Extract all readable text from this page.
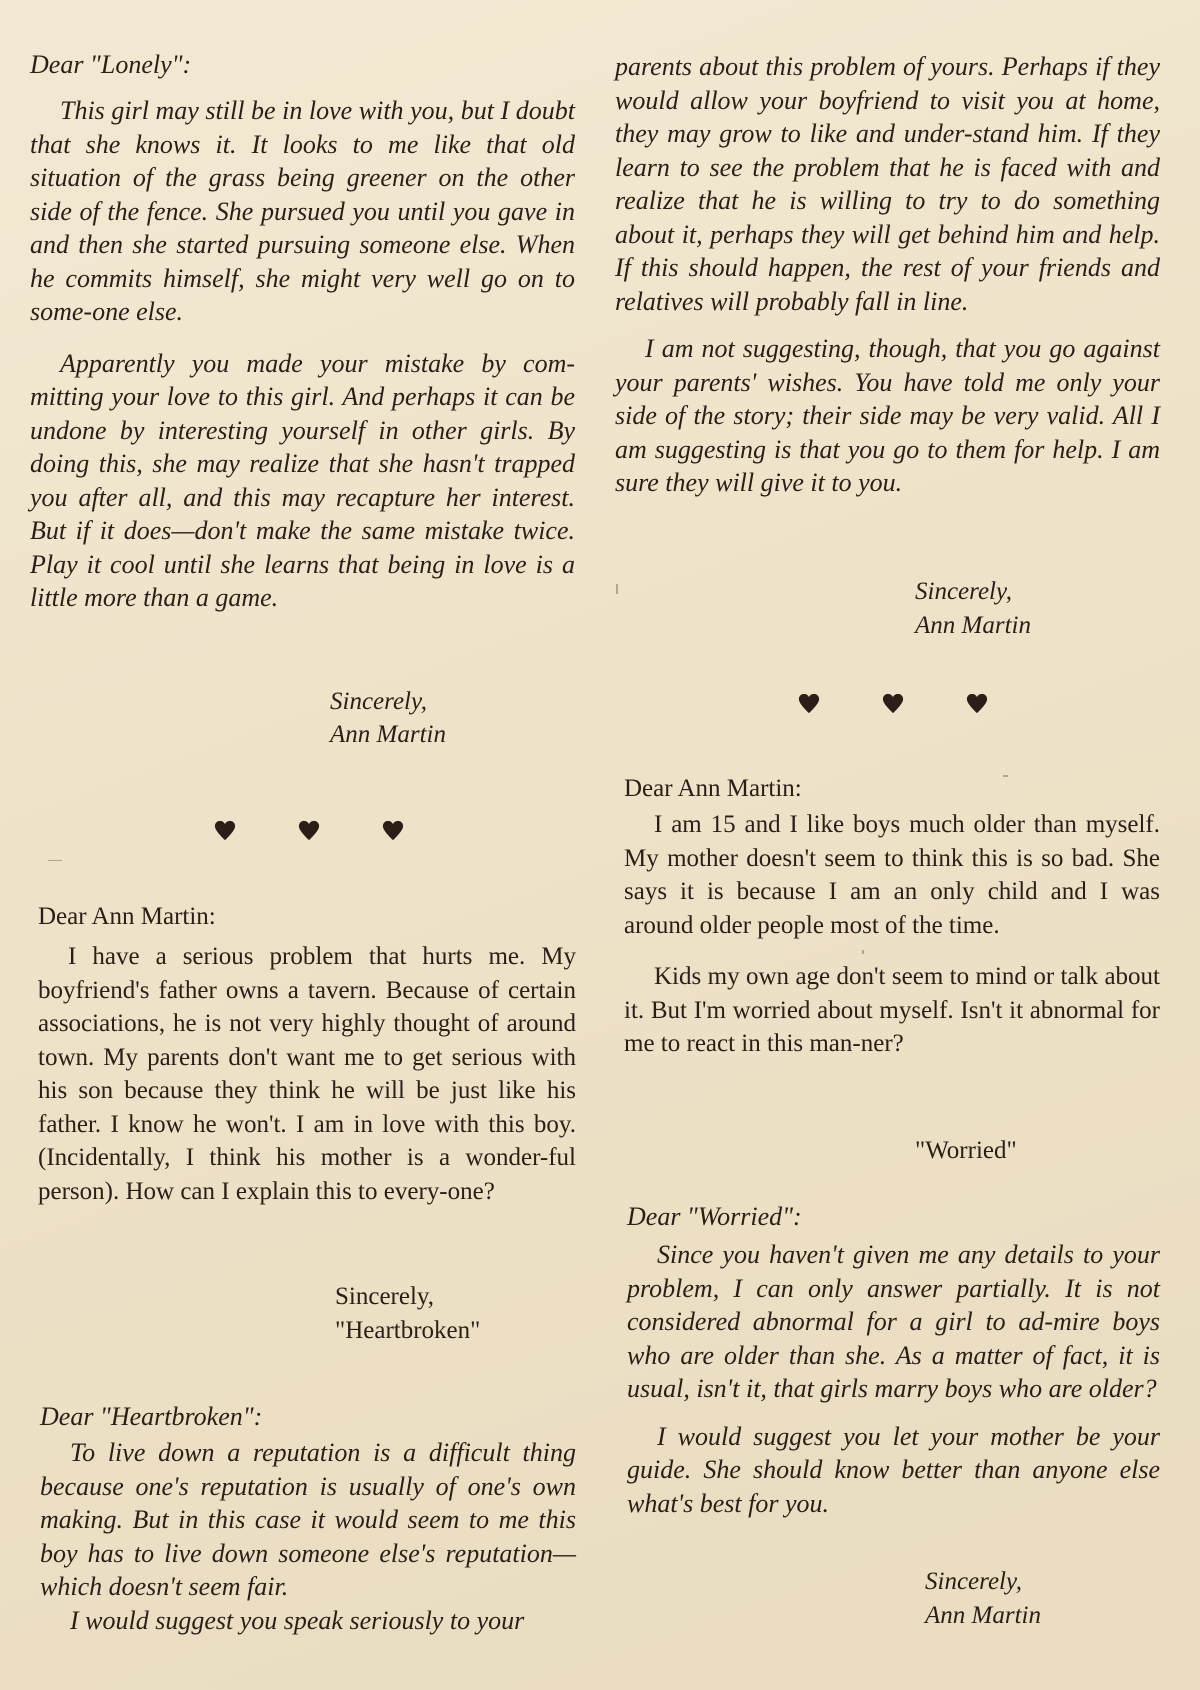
Dear "Lonely":

This girl may still be in love with you, but I doubt that she knows it. It looks to me like that old situation of the grass being greener on the other side of the fence. She pursued you until you gave in and then she started pursuing someone else. When he commits himself, she might very well go on to some-one else.

Apparently you made your mistake by com-mitting your love to this girl. And perhaps it can be undone by interesting yourself in other girls. By doing this, she may realize that she hasn't trapped you after all, and this may recapture her interest. But if it does—don't make the same mistake twice. Play it cool until she learns that being in love is a little more than a game.

Sincerely,
Ann Martin
Dear Ann Martin:

I have a serious problem that hurts me. My boyfriend's father owns a tavern. Because of certain associations, he is not very highly thought of around town. My parents don't want me to get serious with his son because they think he will be just like his father. I know he won't. I am in love with this boy. (Incidentally, I think his mother is a wonder-ful person). How can I explain this to every-one?

Sincerely,
"Heartbroken"
Dear "Heartbroken":

To live down a reputation is a difficult thing because one's reputation is usually of one's own making. But in this case it would seem to me this boy has to live down someone else's reputation—which doesn't seem fair.

I would suggest you speak seriously to your

parents about this problem of yours. Perhaps if they would allow your boyfriend to visit you at home, they may grow to like and under-stand him. If they learn to see the problem that he is faced with and realize that he is willing to try to do something about it, perhaps they will get behind him and help. If this should happen, the rest of your friends and relatives will probably fall in line.

I am not suggesting, though, that you go against your parents' wishes. You have told me only your side of the story; their side may be very valid. All I am suggesting is that you go to them for help. I am sure they will give it to you.

Sincerely,
Ann Martin
Dear Ann Martin:

I am 15 and I like boys much older than myself. My mother doesn't seem to think this is so bad. She says it is because I am an only child and I was around older people most of the time.

Kids my own age don't seem to mind or talk about it. But I'm worried about myself. Isn't it abnormal for me to react in this man-ner?

"Worried"
Dear "Worried":

Since you haven't given me any details to your problem, I can only answer partially. It is not considered abnormal for a girl to ad-mire boys who are older than she. As a matter of fact, it is usual, isn't it, that girls marry boys who are older?

I would suggest you let your mother be your guide. She should know better than anyone else what's best for you.

Sincerely,
Ann Martin
